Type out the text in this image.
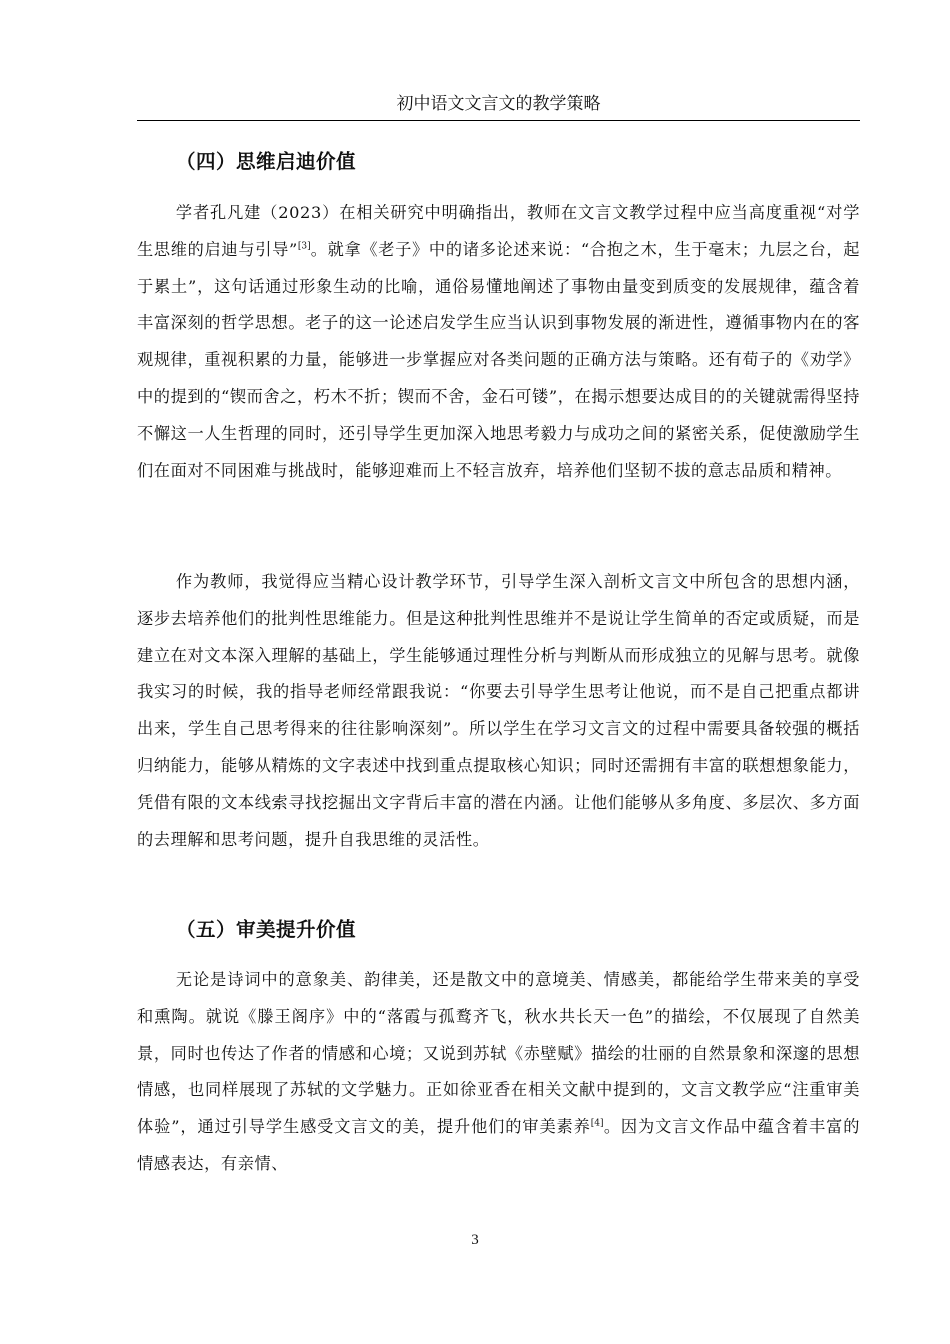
初中语文文言文的教学策略
（四）思维启迪价值

学者孔凡建（2023）在相关研究中明确指出，教师在文言文教学过程中应当高度重视“对学生思维的启迪与引导”[3]。就拿《老子》中的诸多论述来说：“合抱之木，生于毫末；九层之台，起于累土”，这句话通过形象生动的比喻，通俗易懂地阐述了事物由量变到质变的发展规律，蕴含着丰富深刻的哲学思想。老子的这一论述启发学生应当认识到事物发展的渐进性，遵循事物内在的客观规律，重视积累的力量，能够进一步掌握应对各类问题的正确方法与策略。还有荀子的《劝学》中的提到的“锲而舍之，朽木不折；锲而不舍，金石可镂”，在揭示想要达成目的的关键就需得坚持不懈这一人生哲理的同时，还引导学生更加深入地思考毅力与成功之间的紧密关系，促使激励学生们在面对不同困难与挑战时，能够迎难而上不轻言放弃，培养他们坚韧不拔的意志品质和精神。

作为教师，我觉得应当精心设计教学环节，引导学生深入剖析文言文中所包含的思想内涵，逐步去培养他们的批判性思维能力。但是这种批判性思维并不是说让学生简单的否定或质疑，而是建立在对文本深入理解的基础上，学生能够通过理性分析与判断从而形成独立的见解与思考。就像我实习的时候，我的指导老师经常跟我说：“你要去引导学生思考让他说，而不是自己把重点都讲出来，学生自己思考得来的往往影响深刻”。所以学生在学习文言文的过程中需要具备较强的概括归纳能力，能够从精炼的文字表述中找到重点提取核心知识；同时还需拥有丰富的联想想象能力，凭借有限的文本线索寻找挖掘出文字背后丰富的潜在内涵。让他们能够从多角度、多层次、多方面的去理解和思考问题，提升自我思维的灵活性。

（五）审美提升价值

无论是诗词中的意象美、韵律美，还是散文中的意境美、情感美，都能给学生带来美的享受和熏陶。就说《滕王阁序》中的“落霞与孤鹜齐飞，秋水共长天一色”的描绘，不仅展现了自然美景，同时也传达了作者的情感和心境；又说到苏轼《赤壁赋》描绘的壮丽的自然景象和深邃的思想情感，也同样展现了苏轼的文学魅力。正如徐亚香在相关文献中提到的，文言文教学应“注重审美体验”，通过引导学生感受文言文的美，提升他们的审美素养[4]。因为文言文作品中蕴含着丰富的情感表达，有亲情、

3
